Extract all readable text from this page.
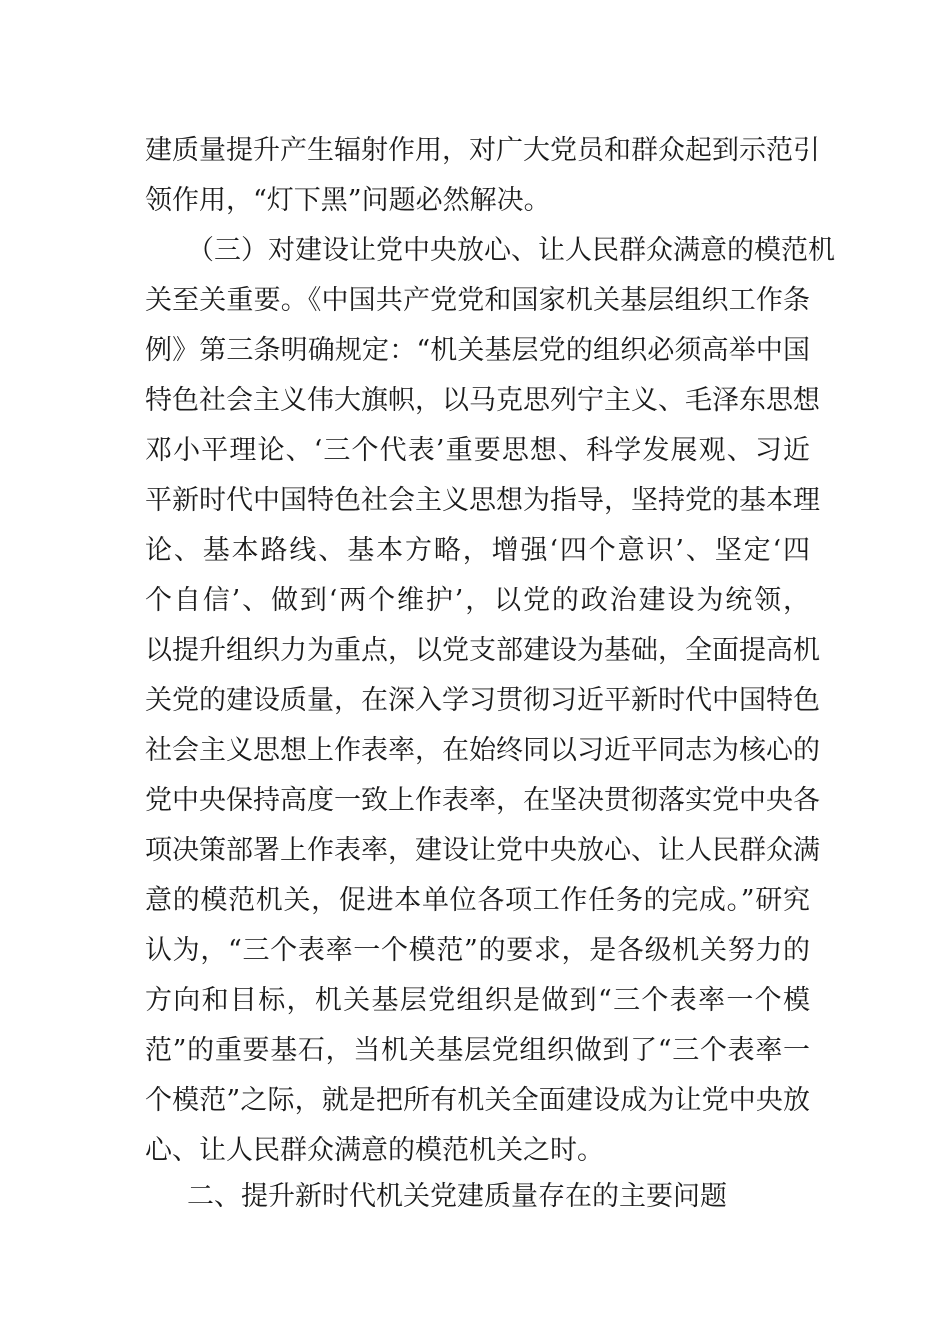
建质量提升产生辐射作用，对广大党员和群众起到示范引
领作用，“灯下黑”问题必然解决。
（三）对建设让党中央放心、让人民群众满意的模范机
关至关重要。《中国共产党党和国家机关基层组织工作条
例》第三条明确规定：“机关基层党的组织必须高举中国
特色社会主义伟大旗帜，以马克思列宁主义、毛泽东思想
邓小平理论、‘三个代表’重要思想、科学发展观、习近
平新时代中国特色社会主义思想为指导，坚持党的基本理
论、基本路线、基本方略，增强‘四个意识’、坚定‘四
个自信’、做到‘两个维护’，以党的政治建设为统领，
以提升组织力为重点，以党支部建设为基础，全面提高机
关党的建设质量，在深入学习贯彻习近平新时代中国特色
社会主义思想上作表率，在始终同以习近平同志为核心的
党中央保持高度一致上作表率，在坚决贯彻落实党中央各
项决策部署上作表率，建设让党中央放心、让人民群众满
意的模范机关，促进本单位各项工作任务的完成。”研究
认为，“三个表率一个模范”的要求，是各级机关努力的
方向和目标，机关基层党组织是做到“三个表率一个模
范”的重要基石，当机关基层党组织做到了“三个表率一
个模范”之际，就是把所有机关全面建设成为让党中央放
心、让人民群众满意的模范机关之时。
二、提升新时代机关党建质量存在的主要问题
